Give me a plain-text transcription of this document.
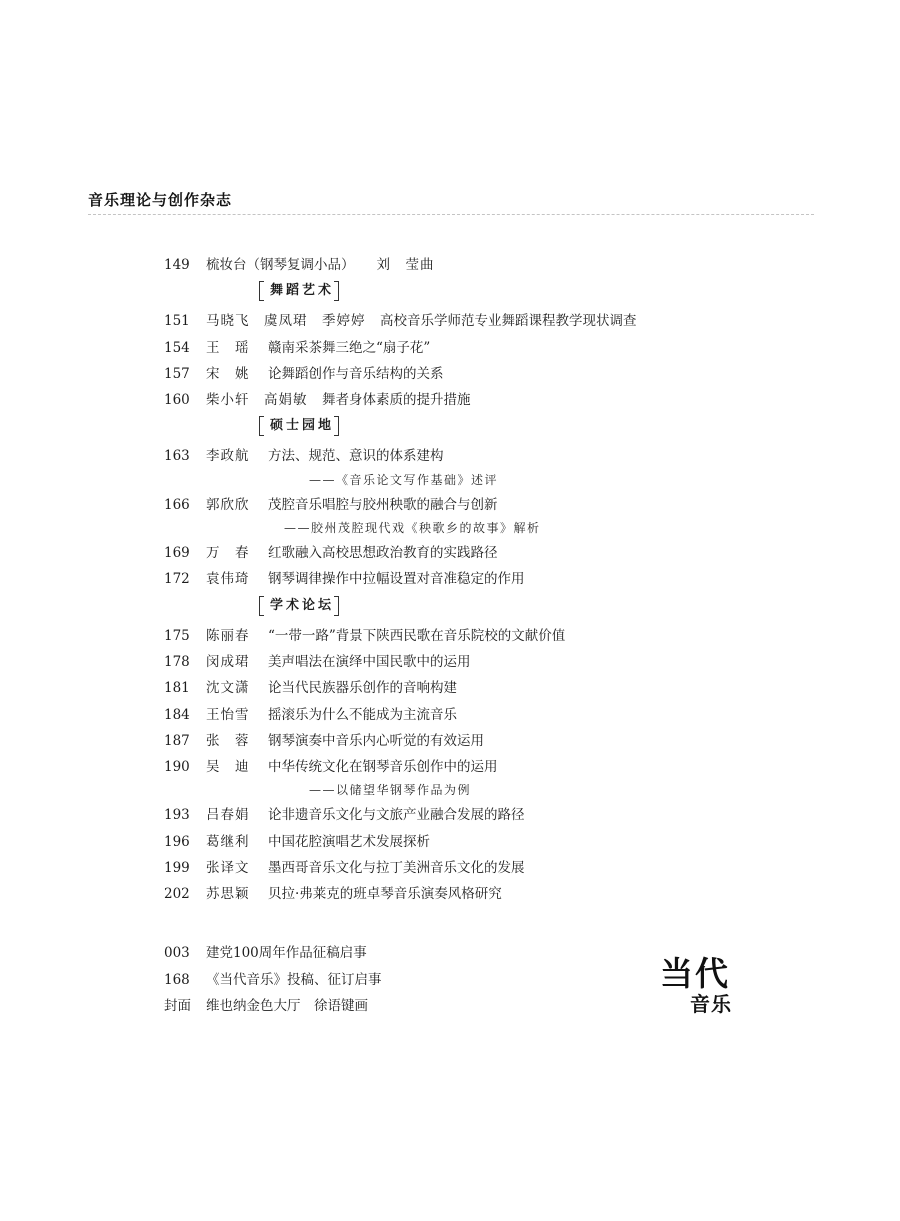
音乐理论与创作杂志
149 梳妆台（钢琴复调小品） 刘　莹曲
舞蹈艺术
151 马晓飞　虞凤珺　季婷婷 高校音乐学师范专业舞蹈课程教学现状调查
154 王　瑶 赣南采茶舞三绝之“扇子花”
157 宋　姚 论舞蹈创作与音乐结构的关系
160 柴小轩　高娟敏 舞者身体素质的提升措施
硕士园地
163 李政航 方法、规范、意识的体系建构
——《音乐论文写作基础》述评
166 郭欣欣 茂腔音乐唱腔与胶州秧歌的融合与创新
——胶州茂腔现代戏《秧歌乡的故事》解析
169 万　春 红歌融入高校思想政治教育的实践路径
172 袁伟琦 钢琴调律操作中拉幅设置对音准稳定的作用
学术论坛
175 陈丽春 “一带一路”背景下陕西民歌在音乐院校的文献价值
178 闵成珺 美声唱法在演绎中国民歌中的运用
181 沈文潇 论当代民族器乐创作的音响构建
184 王怡雪 摇滚乐为什么不能成为主流音乐
187 张　蓉 钢琴演奏中音乐内心听觉的有效运用
190 吴　迪 中华传统文化在钢琴音乐创作中的运用
——以储望华钢琴作品为例
193 吕春娟 论非遗音乐文化与文旅产业融合发展的路径
196 葛继利 中国花腔演唱艺术发展探析
199 张译文 墨西哥音乐文化与拉丁美洲音乐文化的发展
202 苏思颖 贝拉·弗莱克的班卓琴音乐演奏风格研究
003 建党100周年作品征稿启事
168 《当代音乐》投稿、征订启事
封面 维也纳金色大厅　徐语键画
当代
音乐
